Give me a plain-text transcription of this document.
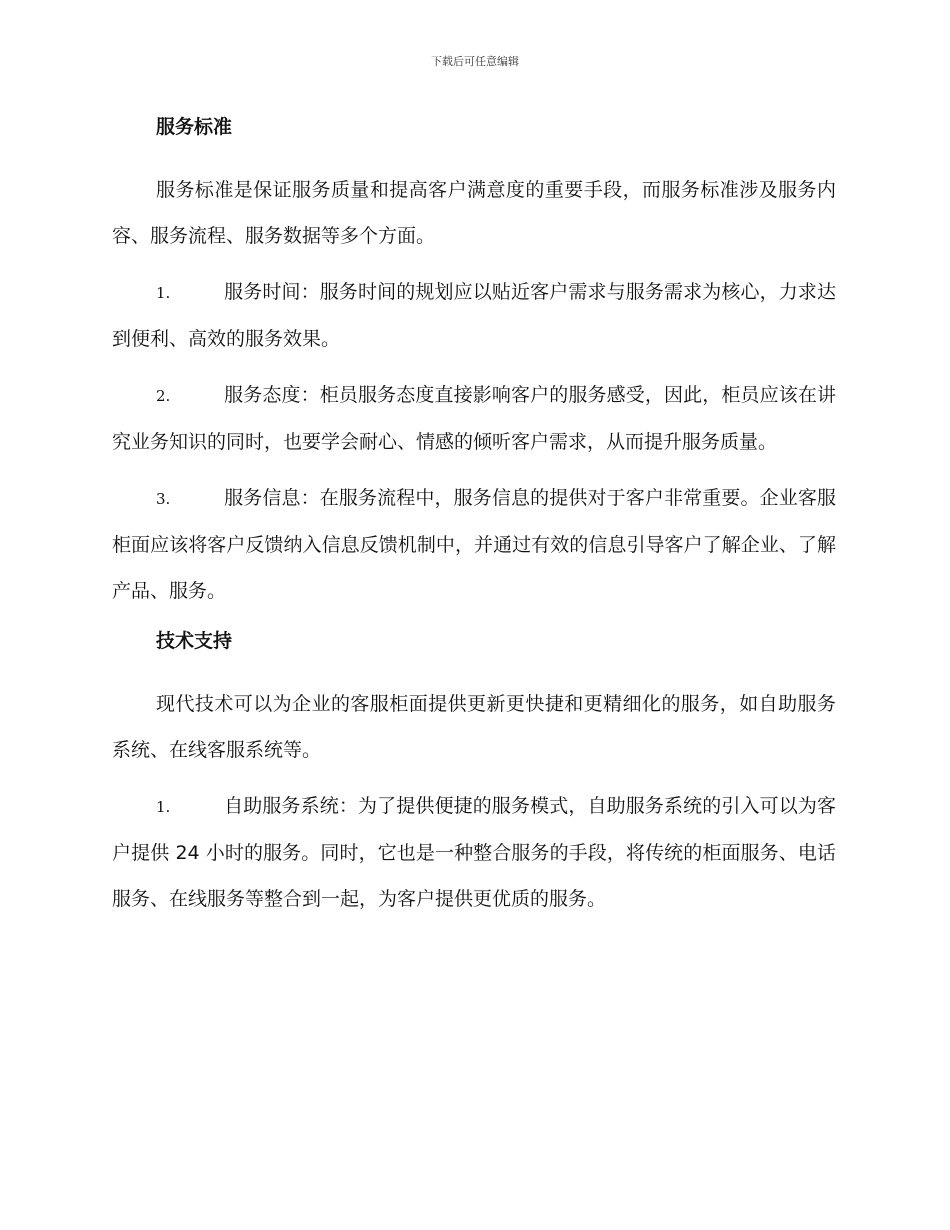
下载后可任意编辑
服务标准

服务标准是保证服务质量和提高客户满意度的重要手段，而服务标准涉及服务内容、服务流程、服务数据等多个方面。

1.	服务时间：服务时间的规划应以贴近客户需求与服务需求为核心，力求达到便利、高效的服务效果。

2.	服务态度：柜员服务态度直接影响客户的服务感受，因此，柜员应该在讲究业务知识的同时，也要学会耐心、情感的倾听客户需求，从而提升服务质量。

3.	服务信息：在服务流程中，服务信息的提供对于客户非常重要。企业客服柜面应该将客户反馈纳入信息反馈机制中，并通过有效的信息引导客户了解企业、了解产品、服务。

技术支持

现代技术可以为企业的客服柜面提供更新更快捷和更精细化的服务，如自助服务系统、在线客服系统等。

1.	自助服务系统：为了提供便捷的服务模式，自助服务系统的引入可以为客户提供 24 小时的服务。同时，它也是一种整合服务的手段，将传统的柜面服务、电话服务、在线服务等整合到一起，为客户提供更优质的服务。
